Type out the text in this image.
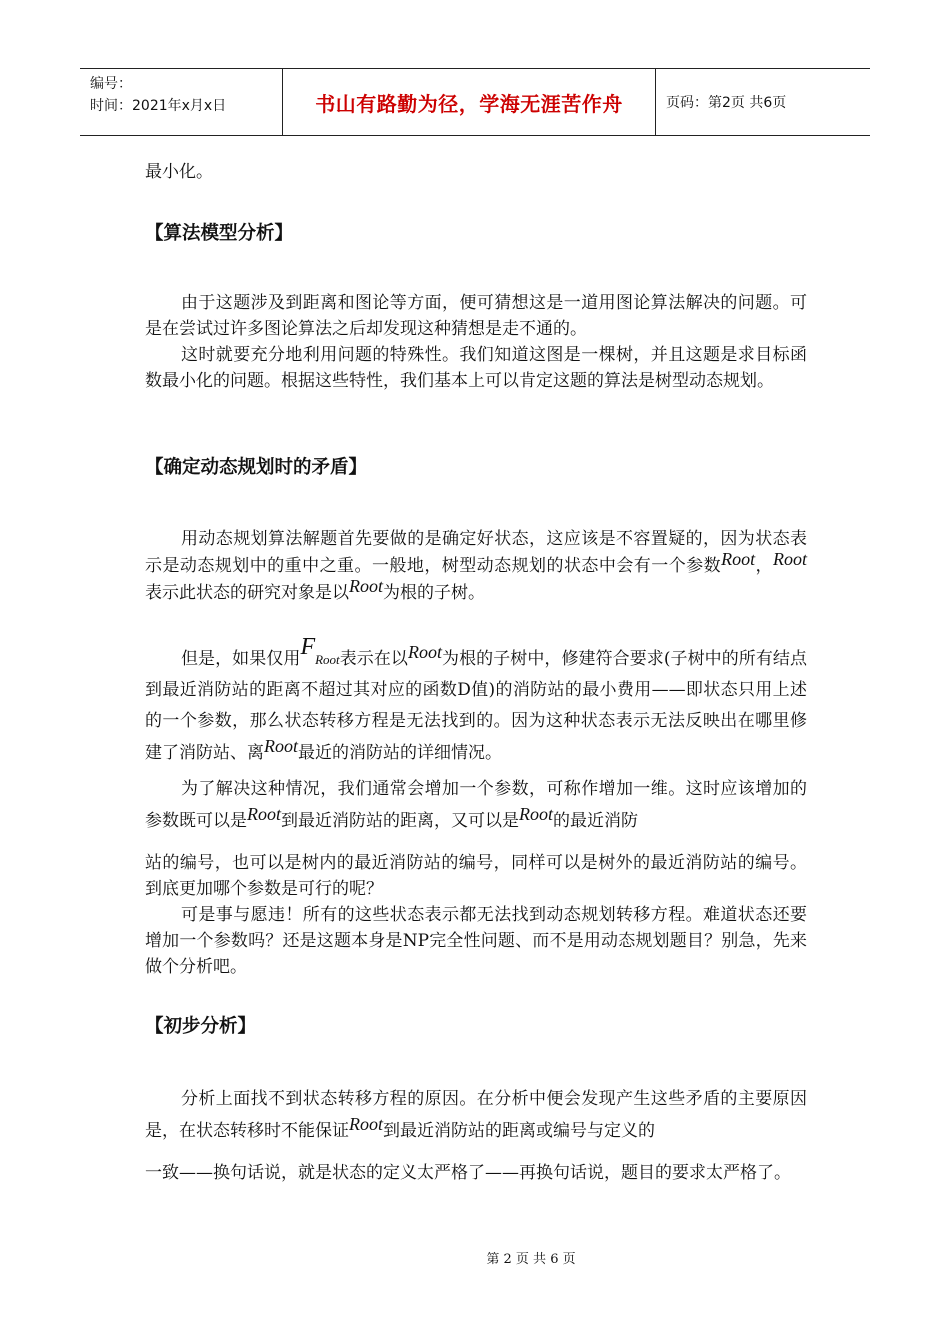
编号：
时间：2021年x月x日	书山有路勤为径，学海无涯苦作舟	页码：第2页 共6页
最小化。
【算法模型分析】
由于这题涉及到距离和图论等方面，便可猜想这是一道用图论算法解决的问题。可是在尝试过许多图论算法之后却发现这种猜想是走不通的。
这时就要充分地利用问题的特殊性。我们知道这图是一棵树，并且这题是求目标函数最小化的问题。根据这些特性，我们基本上可以肯定这题的算法是树型动态规划。
【确定动态规划时的矛盾】
用动态规划算法解题首先要做的是确定好状态，这应该是不容置疑的，因为状态表示是动态规划中的重中之重。一般地，树型动态规划的状态中会有一个参数Root，Root表示此状态的研究对象是以Root为根的子树。
但是，如果仅用FRoot表示在以Root为根的子树中，修建符合要求(子树中的所有结点到最近消防站的距离不超过其对应的函数D值)的消防站的最小费用——即状态只用上述的一个参数，那么状态转移方程是无法找到的。因为这种状态表示无法反映出在哪里修建了消防站、离Root最近的消防站的详细情况。
为了解决这种情况，我们通常会增加一个参数，可称作增加一维。这时应该增加的参数既可以是Root到最近消防站的距离，又可以是Root的最近消防
站的编号，也可以是树内的最近消防站的编号，同样可以是树外的最近消防站的编号。到底更加哪个参数是可行的呢？
可是事与愿违！所有的这些状态表示都无法找到动态规划转移方程。难道状态还要增加一个参数吗？还是这题本身是NP完全性问题、而不是用动态规划题目？别急，先来做个分析吧。
【初步分析】
分析上面找不到状态转移方程的原因。在分析中便会发现产生这些矛盾的主要原因是，在状态转移时不能保证Root到最近消防站的距离或编号与定义的
一致——换句话说，就是状态的定义太严格了——再换句话说，题目的要求太严格了。
第 2 页 共 6 页
